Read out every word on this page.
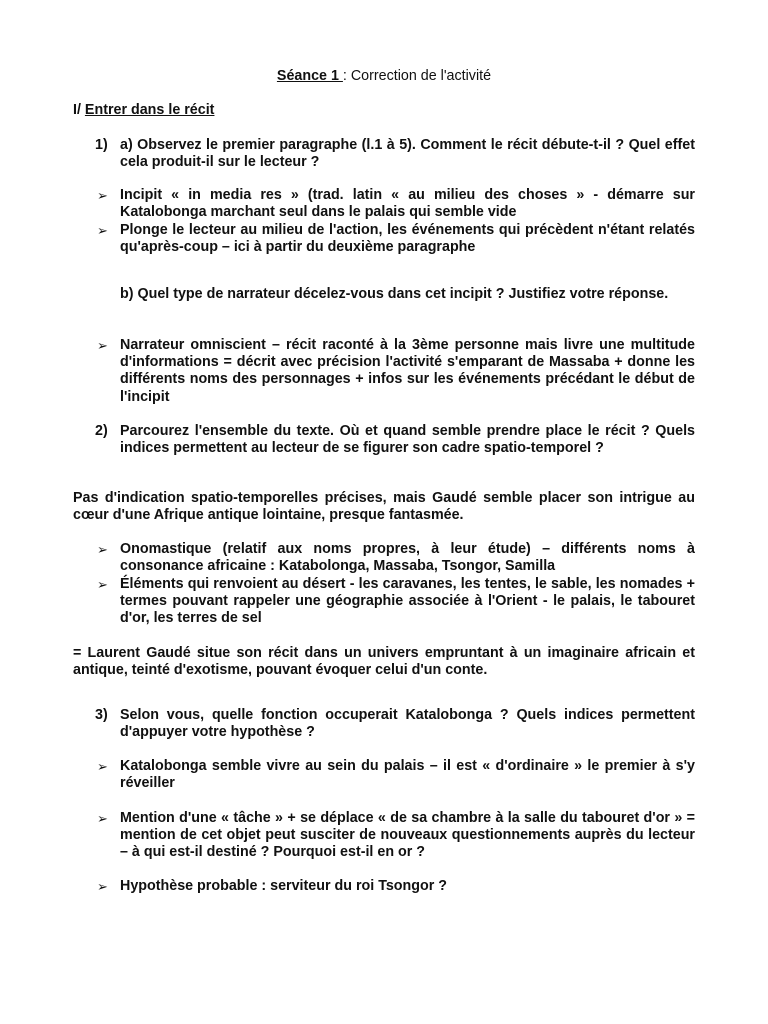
Séance 1 : Correction de l'activité
I/ Entrer dans le récit
1) a) Observez le premier paragraphe (l.1 à 5). Comment le récit débute-t-il ? Quel effet cela produit-il sur le lecteur ?
➢ Incipit « in media res » (trad. latin « au milieu des choses » - démarre sur Katalobonga marchant seul dans le palais qui semble vide
➢ Plonge le lecteur au milieu de l'action, les événements qui précèdent n'étant relatés qu'après-coup – ici à partir du deuxième paragraphe
b) Quel type de narrateur décelez-vous dans cet incipit ? Justifiez votre réponse.
➢ Narrateur omniscient – récit raconté à la 3ème personne mais livre une multitude d'informations = décrit avec précision l'activité s'emparant de Massaba + donne les différents noms des personnages + infos sur les événements précédant le début de l'incipit
2) Parcourez l'ensemble du texte. Où et quand semble prendre place le récit ? Quels indices permettent au lecteur de se figurer son cadre spatio-temporel ?
Pas d'indication spatio-temporelles précises, mais Gaudé semble placer son intrigue au cœur d'une Afrique antique lointaine, presque fantasmée.
➢ Onomastique (relatif aux noms propres, à leur étude) – différents noms à consonance africaine : Katabolonga, Massaba, Tsongor, Samilla
➢ Éléments qui renvoient au désert - les caravanes, les tentes, le sable, les nomades + termes pouvant rappeler une géographie associée à l'Orient - le palais, le tabouret d'or, les terres de sel
= Laurent Gaudé situe son récit dans un univers empruntant à un imaginaire africain et antique, teinté d'exotisme, pouvant évoquer celui d'un conte.
3) Selon vous, quelle fonction occuperait Katalobonga ? Quels indices permettent d'appuyer votre hypothèse ?
➢ Katalobonga semble vivre au sein du palais – il est « d'ordinaire » le premier à s'y réveiller
➢ Mention d'une « tâche » + se déplace « de sa chambre à la salle du tabouret d'or » = mention de cet objet peut susciter de nouveaux questionnements auprès du lecteur – à qui est-il destiné ? Pourquoi est-il en or ?
➢ Hypothèse probable : serviteur du roi Tsongor ?
